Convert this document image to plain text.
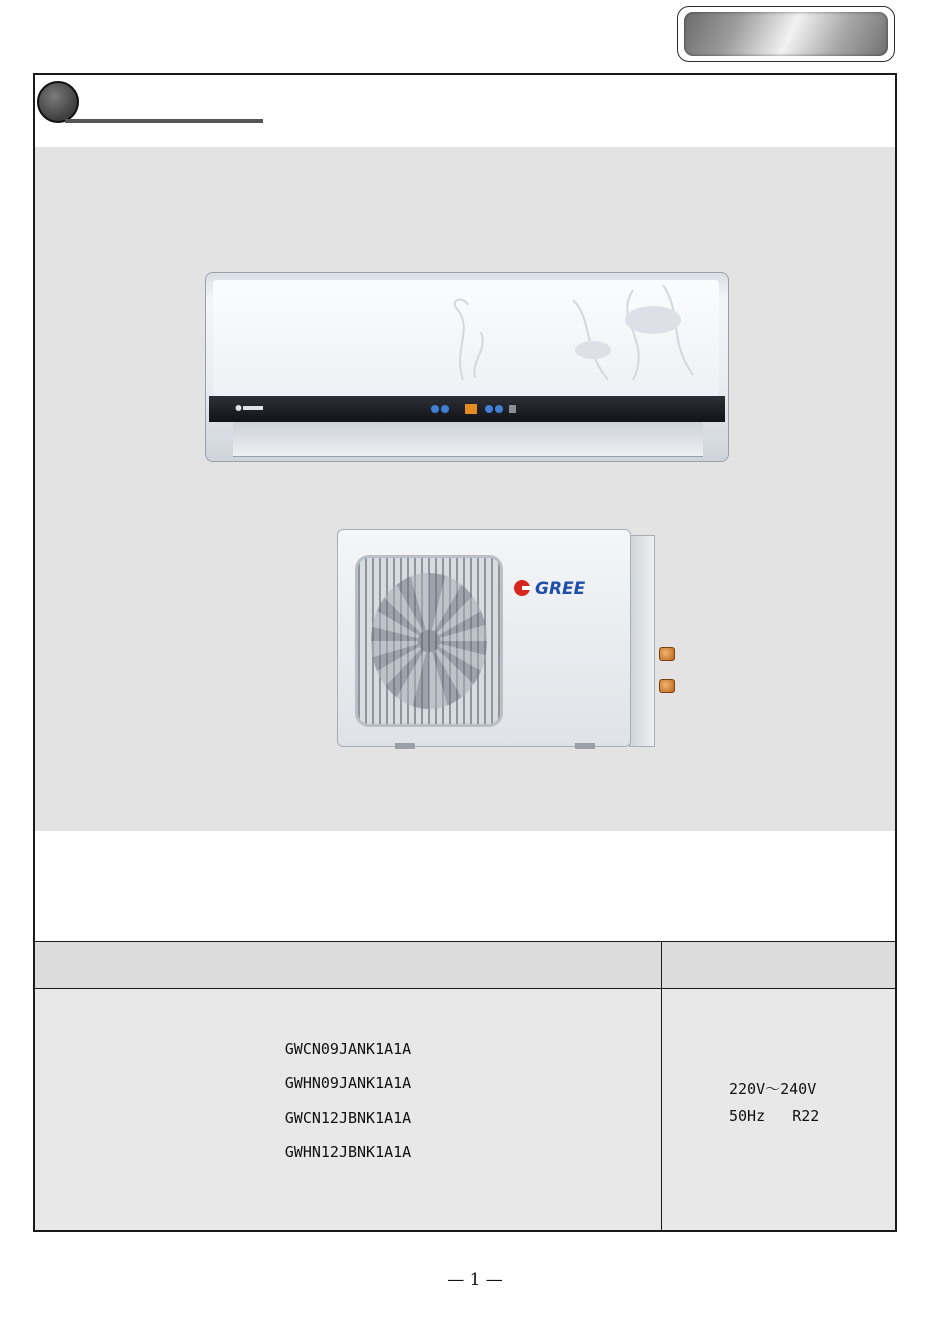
GREE
GWCN09JANK1A1A
GWHN09JANK1A1A
GWCN12JBNK1A1A
GWHN12JBNK1A1A
220V～240V
50Hz   R22
— 1 —
